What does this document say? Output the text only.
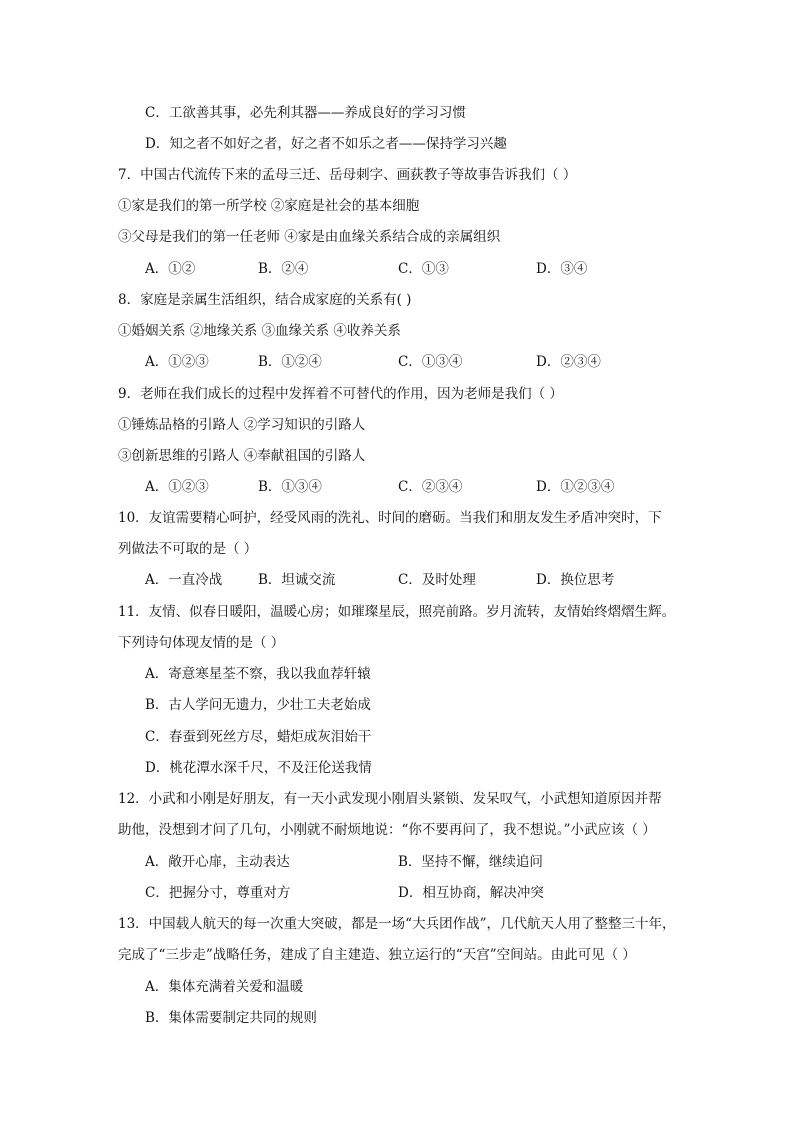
C．工欲善其事，必先利其器——养成良好的学习习惯
D．知之者不如好之者，好之者不如乐之者——保持学习兴趣
7．中国古代流传下来的孟母三迁、岳母刺字、画荻教子等故事告诉我们（ ）
①家是我们的第一所学校 ②家庭是社会的基本细胞
③父母是我们的第一任老师 ④家是由血缘关系结合成的亲属组织
A．①②	B．②④	C．①③	D．③④
8．家庭是亲属生活组织，结合成家庭的关系有( )
①婚姻关系 ②地缘关系 ③血缘关系 ④收养关系
A．①②③	B．①②④	C．①③④	D．②③④
9．老师在我们成长的过程中发挥着不可替代的作用，因为老师是我们（ ）
①锤炼品格的引路人 ②学习知识的引路人
③创新思维的引路人 ④奉献祖国的引路人
A．①②③	B．①③④	C．②③④	D．①②③④
10．友谊需要精心呵护，经受风雨的洗礼、时间的磨砺。当我们和朋友发生矛盾冲突时，下
列做法不可取的是（ ）
A．一直冷战	B．坦诚交流	C．及时处理	D．换位思考
11．友情、似春日暖阳，温暖心房；如璀璨星辰，照亮前路。岁月流转，友情始终熠熠生辉。
下列诗句体现友情的是（ ）
A．寄意寒星荃不察，我以我血荐轩辕
B．古人学问无遗力，少壮工夫老始成
C．春蚕到死丝方尽，蜡炬成灰泪始干
D．桃花潭水深千尺，不及汪伦送我情
12．小武和小刚是好朋友，有一天小武发现小刚眉头紧锁、发呆叹气，小武想知道原因并帮
助他，没想到才问了几句，小刚就不耐烦地说：“你不要再问了，我不想说。”小武应该（ ）
A．敞开心扉，主动表达	B．坚持不懈，继续追问
C．把握分寸，尊重对方	D．相互协商，解决冲突
13．中国载人航天的每一次重大突破，都是一场“大兵团作战”，几代航天人用了整整三十年，
完成了“三步走”战略任务，建成了自主建造、独立运行的“天宫”空间站。由此可见（ ）
A．集体充满着关爱和温暖
B．集体需要制定共同的规则
